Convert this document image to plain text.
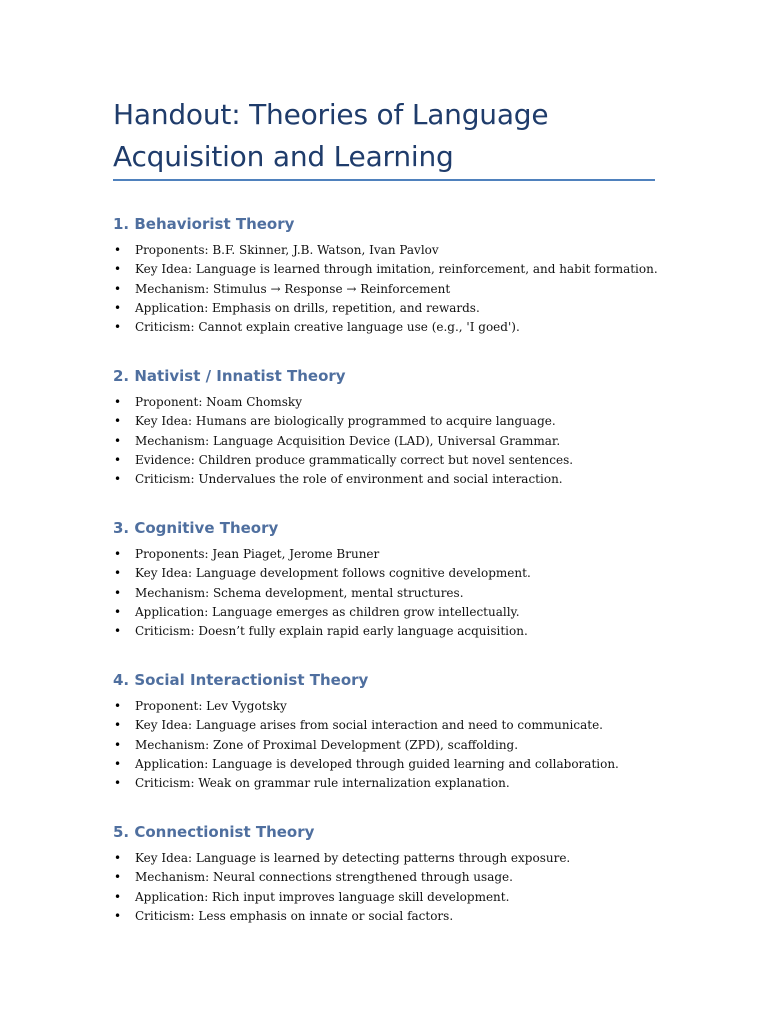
Handout: Theories of Language Acquisition and Learning
1. Behaviorist Theory
• Proponents: B.F. Skinner, J.B. Watson, Ivan Pavlov
• Key Idea: Language is learned through imitation, reinforcement, and habit formation.
• Mechanism: Stimulus → Response → Reinforcement
• Application: Emphasis on drills, repetition, and rewards.
• Criticism: Cannot explain creative language use (e.g., 'I goed').
2. Nativist / Innatist Theory
• Proponent: Noam Chomsky
• Key Idea: Humans are biologically programmed to acquire language.
• Mechanism: Language Acquisition Device (LAD), Universal Grammar.
• Evidence: Children produce grammatically correct but novel sentences.
• Criticism: Undervalues the role of environment and social interaction.
3. Cognitive Theory
• Proponents: Jean Piaget, Jerome Bruner
• Key Idea: Language development follows cognitive development.
• Mechanism: Schema development, mental structures.
• Application: Language emerges as children grow intellectually.
• Criticism: Doesn’t fully explain rapid early language acquisition.
4. Social Interactionist Theory
• Proponent: Lev Vygotsky
• Key Idea: Language arises from social interaction and need to communicate.
• Mechanism: Zone of Proximal Development (ZPD), scaffolding.
• Application: Language is developed through guided learning and collaboration.
• Criticism: Weak on grammar rule internalization explanation.
5. Connectionist Theory
• Key Idea: Language is learned by detecting patterns through exposure.
• Mechanism: Neural connections strengthened through usage.
• Application: Rich input improves language skill development.
• Criticism: Less emphasis on innate or social factors.
